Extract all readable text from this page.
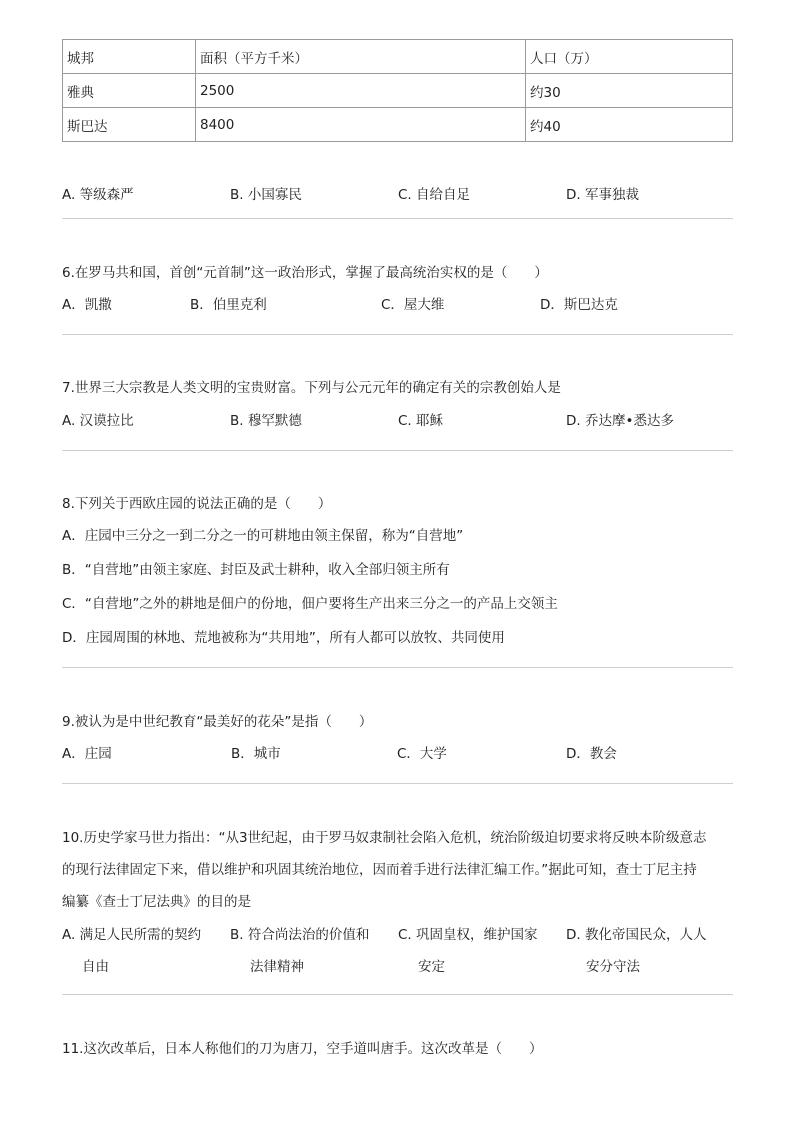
城邦	面积（平方千米）	人口（万）
雅典	2500	约30
斯巴达	8400	约40
A. 等级森严	B. 小国寡民	C. 自给自足	D. 军事独裁
6.在罗马共和国，首创“元首制”这一政治形式，掌握了最高统治实权的是（　　）
A．凯撒	B．伯里克利	C．屋大维	D．斯巴达克
7.世界三大宗教是人类文明的宝贵财富。下列与公元元年的确定有关的宗教创始人是
A. 汉谟拉比	B. 穆罕默德	C. 耶稣	D. 乔达摩•悉达多
8.下列关于西欧庄园的说法正确的是（　　）
A．庄园中三分之一到二分之一的可耕地由领主保留，称为“自营地”
B．“自营地”由领主家庭、封臣及武士耕种，收入全部归领主所有
C．“自营地”之外的耕地是佃户的份地，佃户要将生产出来三分之一的产品上交领主
D．庄园周围的林地、荒地被称为“共用地”，所有人都可以放牧、共同使用
9.被认为是中世纪教育“最美好的花朵”是指（　　）
A．庄园	B．城市	C．大学	D．教会
10.历史学家马世力指出：“从3世纪起，由于罗马奴隶制社会陷入危机，统治阶级迫切要求将反映本阶级意志
的现行法律固定下来，借以维护和巩固其统治地位，因而着手进行法律汇编工作。”据此可知，查士丁尼主持
编纂《查士丁尼法典》的目的是
A. 满足人民所需的契约
自由
B. 符合尚法治的价值和
法律精神
C. 巩固皇权，维护国家
安定
D. 教化帝国民众，人人
安分守法
11.这次改革后，日本人称他们的刀为唐刀，空手道叫唐手。这次改革是（　　）
